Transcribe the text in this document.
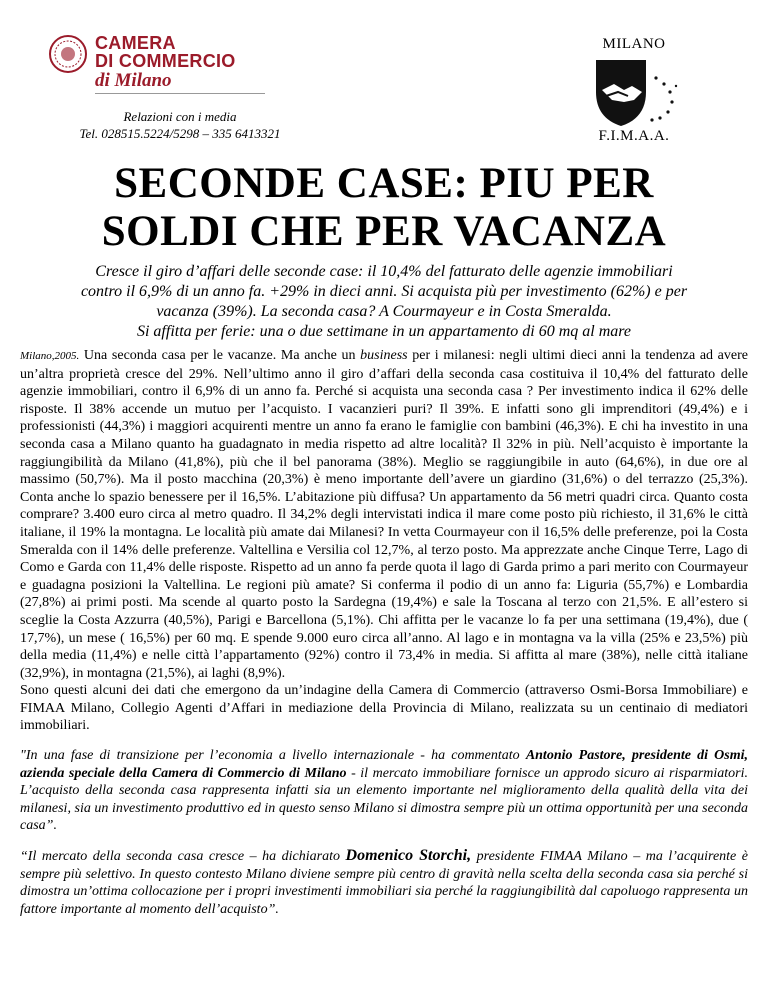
CAMERA
DI COMMERCIO
di Milano
Relazioni con i media
Tel. 028515.5224/5298 – 335 6413321
MILANO
F.I.M.A.A.
SECONDE CASE: PIU PER
SOLDI CHE PER VACANZA
Cresce il giro d’affari delle seconde case: il 10,4% del fatturato delle agenzie immobiliari
contro il 6,9% di un anno fa. +29% in dieci anni. Si acquista più per investimento (62%) e per
vacanza (39%). La seconda casa? A Courmayeur e in Costa Smeralda.
Si affitta per ferie: una o due settimane in un appartamento di 60 mq al mare

Milano,2005. Una seconda casa per le vacanze. Ma anche un business per i milanesi: negli ultimi dieci anni la tendenza ad avere un’altra proprietà cresce del 29%. Nell’ultimo anno il giro d’affari della seconda casa costituiva il 10,4% del fatturato delle agenzie immobiliari, contro il 6,9% di un anno fa. Perché si acquista una seconda casa ? Per investimento indica il 62% delle risposte. Il 38% accende un mutuo per l’acquisto. I vacanzieri puri? Il 39%. E infatti sono gli imprenditori (49,4%) e i professionisti (44,3%) i maggiori acquirenti mentre un anno fa erano le famiglie con bambini (46,3%). E chi ha investito in una seconda casa a Milano quanto ha guadagnato in media rispetto ad altre località? Il 32% in più. Nell’acquisto è importante la raggiungibilità da Milano (41,8%), più che il bel panorama (38%). Meglio se raggiungibile in auto (64,6%), in due ore al massimo (50,7%). Ma il posto macchina (20,3%) è meno importante dell’avere un giardino (31,6%) o del terrazzo (25,3%). Conta anche lo spazio benessere per il 16,5%. L’abitazione più diffusa? Un appartamento da 56 metri quadri circa. Quanto costa comprare? 3.400 euro circa al metro quadro. Il 34,2% degli intervistati indica il mare come posto più richiesto, il 31,6% le città italiane, il 19% la montagna. Le località più amate dai Milanesi? In vetta Courmayeur con il 16,5% delle preferenze, poi la Costa Smeralda con il 14% delle preferenze. Valtellina e Versilia col 12,7%, al terzo posto. Ma apprezzate anche Cinque Terre, Lago di Como e Garda con 11,4% delle risposte. Rispetto ad un anno fa perde quota il lago di Garda primo a pari merito con Courmayeur e guadagna posizioni la Valtellina. Le regioni più amate? Si conferma il podio di un anno fa: Liguria (55,7%) e Lombardia (27,8%) ai primi posti. Ma scende al quarto posto la Sardegna (19,4%) e sale la Toscana al terzo con 21,5%. E all’estero si sceglie la Costa Azzurra (40,5%), Parigi e Barcellona (5,1%). Chi affitta per le vacanze lo fa per una settimana (19,4%), due ( 17,7%), un mese ( 16,5%) per 60 mq. E spende 9.000 euro circa all’anno. Al lago e in montagna va la villa (25% e 23,5%) più della media (11,4%) e nelle città l’appartamento (92%) contro il 73,4% in media. Si affitta al mare (38%), nelle città italiane (32,9%), in montagna (21,5%), ai laghi (8,9%).

Sono questi alcuni dei dati che emergono da un’indagine della Camera di Commercio (attraverso Osmi-Borsa Immobiliare) e FIMAA Milano, Collegio Agenti d’Affari in mediazione della Provincia di Milano, realizzata su un centinaio di mediatori immobiliari.

"In una fase di transizione per l’economia a livello internazionale - ha commentato Antonio Pastore, presidente di Osmi, azienda speciale della Camera di Commercio di Milano - il mercato immobiliare fornisce un approdo sicuro ai risparmiatori. L’acquisto della seconda casa rappresenta infatti sia un elemento importante nel miglioramento della qualità della vita dei milanesi, sia un investimento produttivo ed in questo senso Milano si dimostra sempre più un ottima opportunità per una seconda casa”.

“Il mercato della seconda casa cresce – ha dichiarato Domenico Storchi, presidente FIMAA Milano – ma l’acquirente è sempre più selettivo. In questo contesto Milano diviene sempre più centro di gravità nella scelta della seconda casa sia perché si dimostra un’ottima collocazione per i propri investimenti immobiliari sia perché la raggiungibilità dal capoluogo rappresenta un fattore importante al momento dell’acquisto”.
